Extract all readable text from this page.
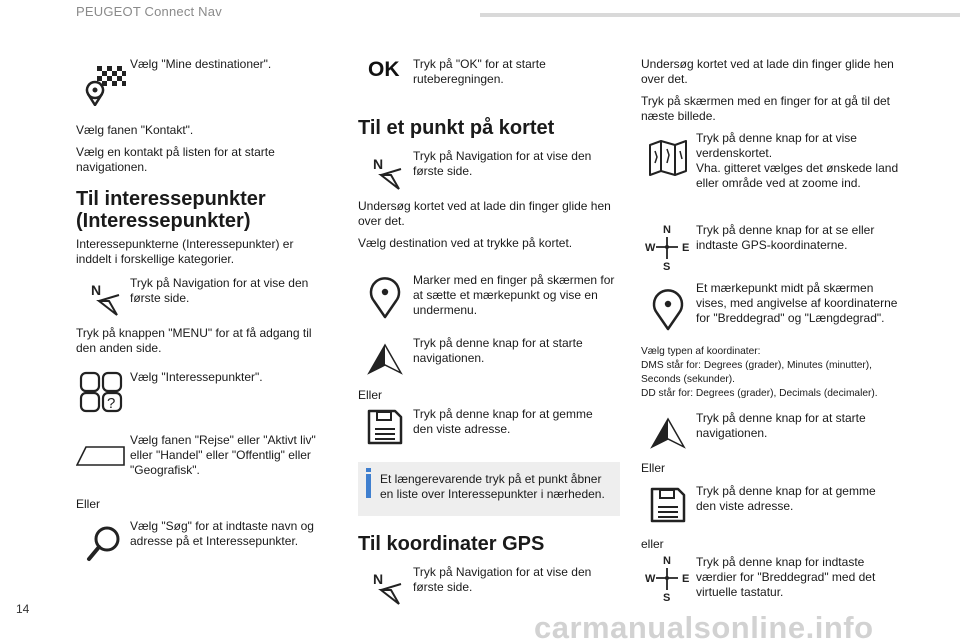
PEUGEOT Connect Nav

Vælg "Mine destinationer".

Vælg fanen "Kontakt".

Vælg en kontakt på listen for at starte navigationen.

Til interessepunkter (Interessepunkter)

Interessepunkterne (Interessepunkter) er inddelt i forskellige kategorier.

N Tryk på Navigation for at vise den første side.

Tryk på knappen "MENU" for at få adgang til den anden side.

?

Vælg "Interessepunkter".

Vælg fanen "Rejse" eller "Aktivt liv" eller "Handel" eller "Offentlig" eller "Geografisk".

Eller

Vælg "Søg" for at indtaste navn og adresse på et Interessepunkter.

OK Tryk på "OK" for at starte ruteberegningen.

Til et punkt på kortet
N Tryk på Navigation for at vise den første side.

Undersøg kortet ved at lade din finger glide hen over det.

Vælg destination ved at trykke på kortet.

Marker med en finger på skærmen for at sætte et mærkepunkt og vise en undermenu.

Tryk på denne knap for at starte navigationen.

Eller

Tryk på denne knap for at gemme den viste adresse.

Et længerevarende tryk på et punkt åbner en liste over Interessepunkter i nærheden.

Til koordinater GPS
N Tryk på Navigation for at vise den første side.

Undersøg kortet ved at lade din finger glide hen over det.

Tryk på skærmen med en finger for at gå til det næste billede.

Tryk på denne knap for at vise verdenskortet.
Vha. gitteret vælges det ønskede land eller område ved at zoome ind.

N
W E
S

Tryk på denne knap for at se eller indtaste GPS-koordinaterne.

Et mærkepunkt midt på skærmen vises, med angivelse af koordinaterne for "Breddegrad" og "Længdegrad".

Vælg typen af koordinater:
DMS står for: Degrees (grader), Minutes (minutter), Seconds (sekunder).
DD står for: Degrees (grader), Decimals (decimaler).

Tryk på denne knap for at starte navigationen.

Eller

Tryk på denne knap for at gemme den viste adresse.

eller

N
W E
S

Tryk på denne knap for indtaste værdier for "Breddegrad" med det virtuelle tastatur.

14
carmanualsonline.info
